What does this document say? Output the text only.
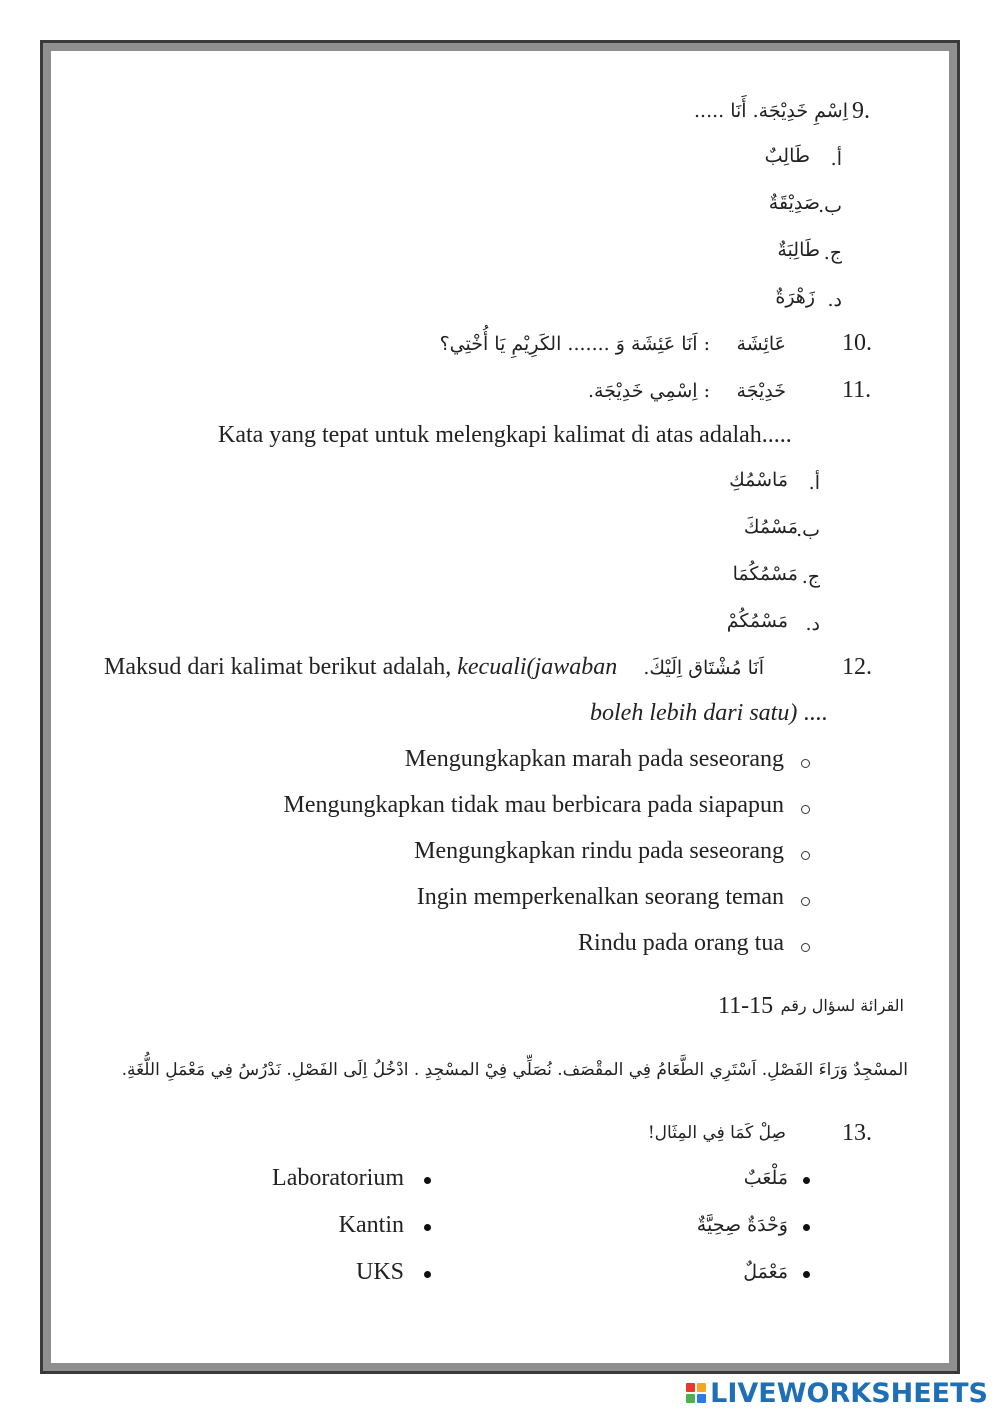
9.
اِسْمِ خَدِيْجَة. أَنَا .....
أ.
طَالِبٌ
ب.
صَدِيْقَةٌ
ج.
طَالِبَةٌ
د.
زَهْرَةٌ
10.
عَائِشَة
: اَنَا عَئِشَة وَ ....... الكَرِيْمِ يَا أُخْتِي؟
11.
خَدِيْجَة
: اِسْمِي خَدِيْجَة.
Kata yang tepat untuk melengkapi kalimat di atas adalah.....
أ.
مَاسْمُكِ
ب.
مَسْمُكَ
ج.
مَسْمُكُمَا
د.
مَسْمُكُمْ
12.
اَنَا مُشْتَاق اِلَيْكَ.
Maksud dari kalimat berikut adalah, kecuali(jawaban
boleh lebih dari satu) ....
Mengungkapkan marah pada seseorang
Mengungkapkan tidak mau berbicara pada siapapun
Mengungkapkan rindu pada seseorang
Ingin memperkenalkan seorang teman
Rindu pada orang tua
القرائة لسؤال رقم
11-15
المسْجِدٌ وَرَاءَ الفَصْلِ. اَسْتَرِي الطَّعَامُ فِي المقْصَف. نُصَلِّي فِيْ المسْجِدِ . ادْخُلُ اِلَى الفَصْلِ. نَدْرُسُ فِي مَعْمَلِ اللُّغَةِ.
13.
صِلْ كَمَا فِي المِثَال!
مَلْعَبٌ
وَحْدَةٌ صِحِيَّةٌ
مَعْمَلٌ
Laboratorium
Kantin
UKS
LIVEWORKSHEETS
